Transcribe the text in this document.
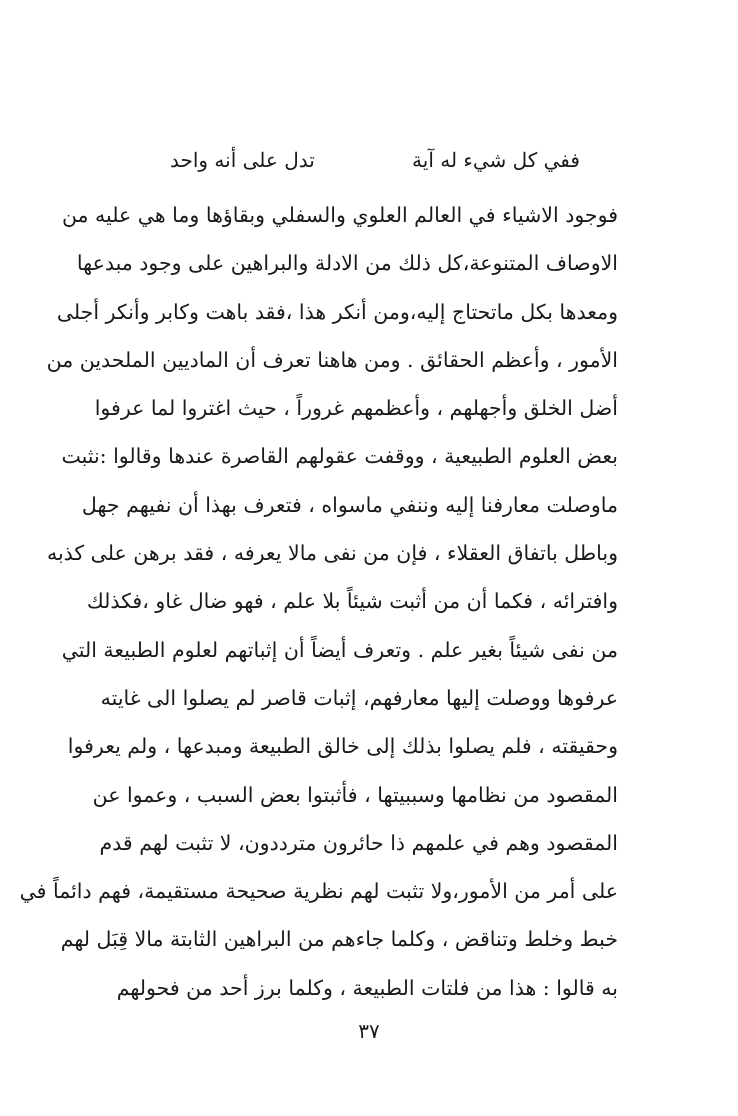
ففي كل شيء له آية
تدل على أنه واحد
فوجود الاشياء في العالم العلوي والسفلي وبقاؤها وما هي عليه من
الاوصاف المتنوعة،كل ذلك من الادلة والبراهين على وجود مبدعها
ومعدها بكل ماتحتاج إليه،ومن أنكر هذا ،فقد باهت وكابر وأنكر أجلى
الأمور ، وأعظم الحقائق . ومن هاهنا تعرف أن الماديين الملحدين من
أضل الخلق وأجهلهم ، وأعظمهم غروراً ، حيث اغتروا لما عرفوا
بعض العلوم الطبيعية ، ووقفت عقولهم القاصرة عندها وقالوا :نثبت
ماوصلت معارفنا إليه وننفي ماسواه ، فتعرف بهذا أن نفيهم جهل
وباطل باتفاق العقلاء ، فإن من نفى مالا يعرفه ، فقد برهن على كذبه
وافترائه ، فكما أن من أثبت شيئاً بلا علم ، فهو ضال غاو ،فكذلك
من نفى شيئاً بغير علم . وتعرف أيضاً أن إثباتهم لعلوم الطبيعة التي
عرفوها ووصلت إليها معارفهم، إثبات قاصر لم يصلوا الى غايته
وحقيقته ، فلم يصلوا بذلك إلى خالق الطبيعة ومبدعها ، ولم يعرفوا
المقصود من نظامها وسببيتها ، فأثبتوا بعض السبب ، وعموا عن
المقصود وهم في علمهم ذا حائرون مترددون، لا تثبت لهم قدم
على أمر من الأمور،ولا تثبت لهم نظرية صحيحة مستقيمة، فهم دائماً في
خبط وخلط وتناقض ، وكلما جاءهم من البراهين الثابتة مالا قِبَل لهم
به قالوا : هذا من فلتات الطبيعة ، وكلما برز أحد من فحولهم
٣٧
